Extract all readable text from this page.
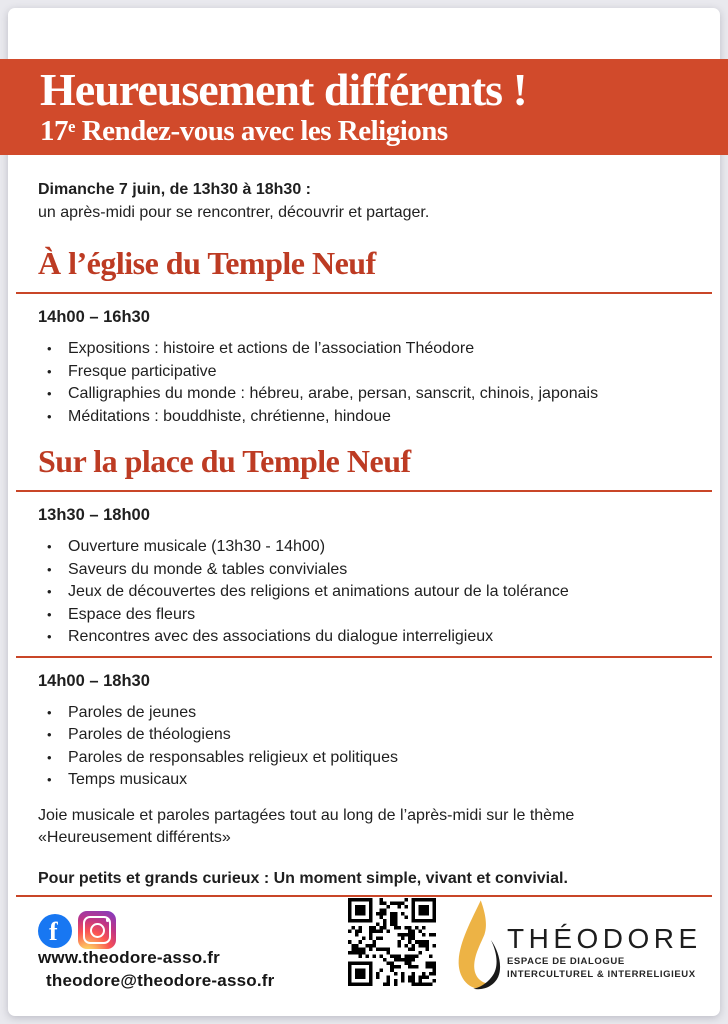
Heureusement différents !
17e Rendez-vous avec les Religions
Dimanche 7 juin, de 13h30 à 18h30 :
un après-midi pour se rencontrer, découvrir et partager.
À l’église du Temple Neuf
14h00 – 16h30
•	Expositions : histoire et actions de l’association Théodore
•	Fresque participative
•	Calligraphies du monde : hébreu, arabe, persan, sanscrit, chinois, japonais
•	Méditations : bouddhiste, chrétienne, hindoue
Sur la place du Temple Neuf
13h30 – 18h00
•	Ouverture musicale (13h30 - 14h00)
•	Saveurs du monde & tables conviviales
•	Jeux de découvertes des religions et animations autour de la tolérance
•	Espace des fleurs
•	Rencontres avec des associations du dialogue interreligieux
14h00 – 18h30
•	Paroles de jeunes
•	Paroles de théologiens
•	Paroles de responsables religieux et politiques
•	Temps musicaux
Joie musicale et paroles partagées tout au long de l’après-midi sur le thème
«Heureusement différents»
Pour petits et grands curieux : Un moment simple, vivant et convivial.
f
www.theodore-asso.fr
theodore@theodore-asso.fr
THÉODORE
ESPACE DE DIALOGUE
INTERCULTUREL & INTERRELIGIEUX
